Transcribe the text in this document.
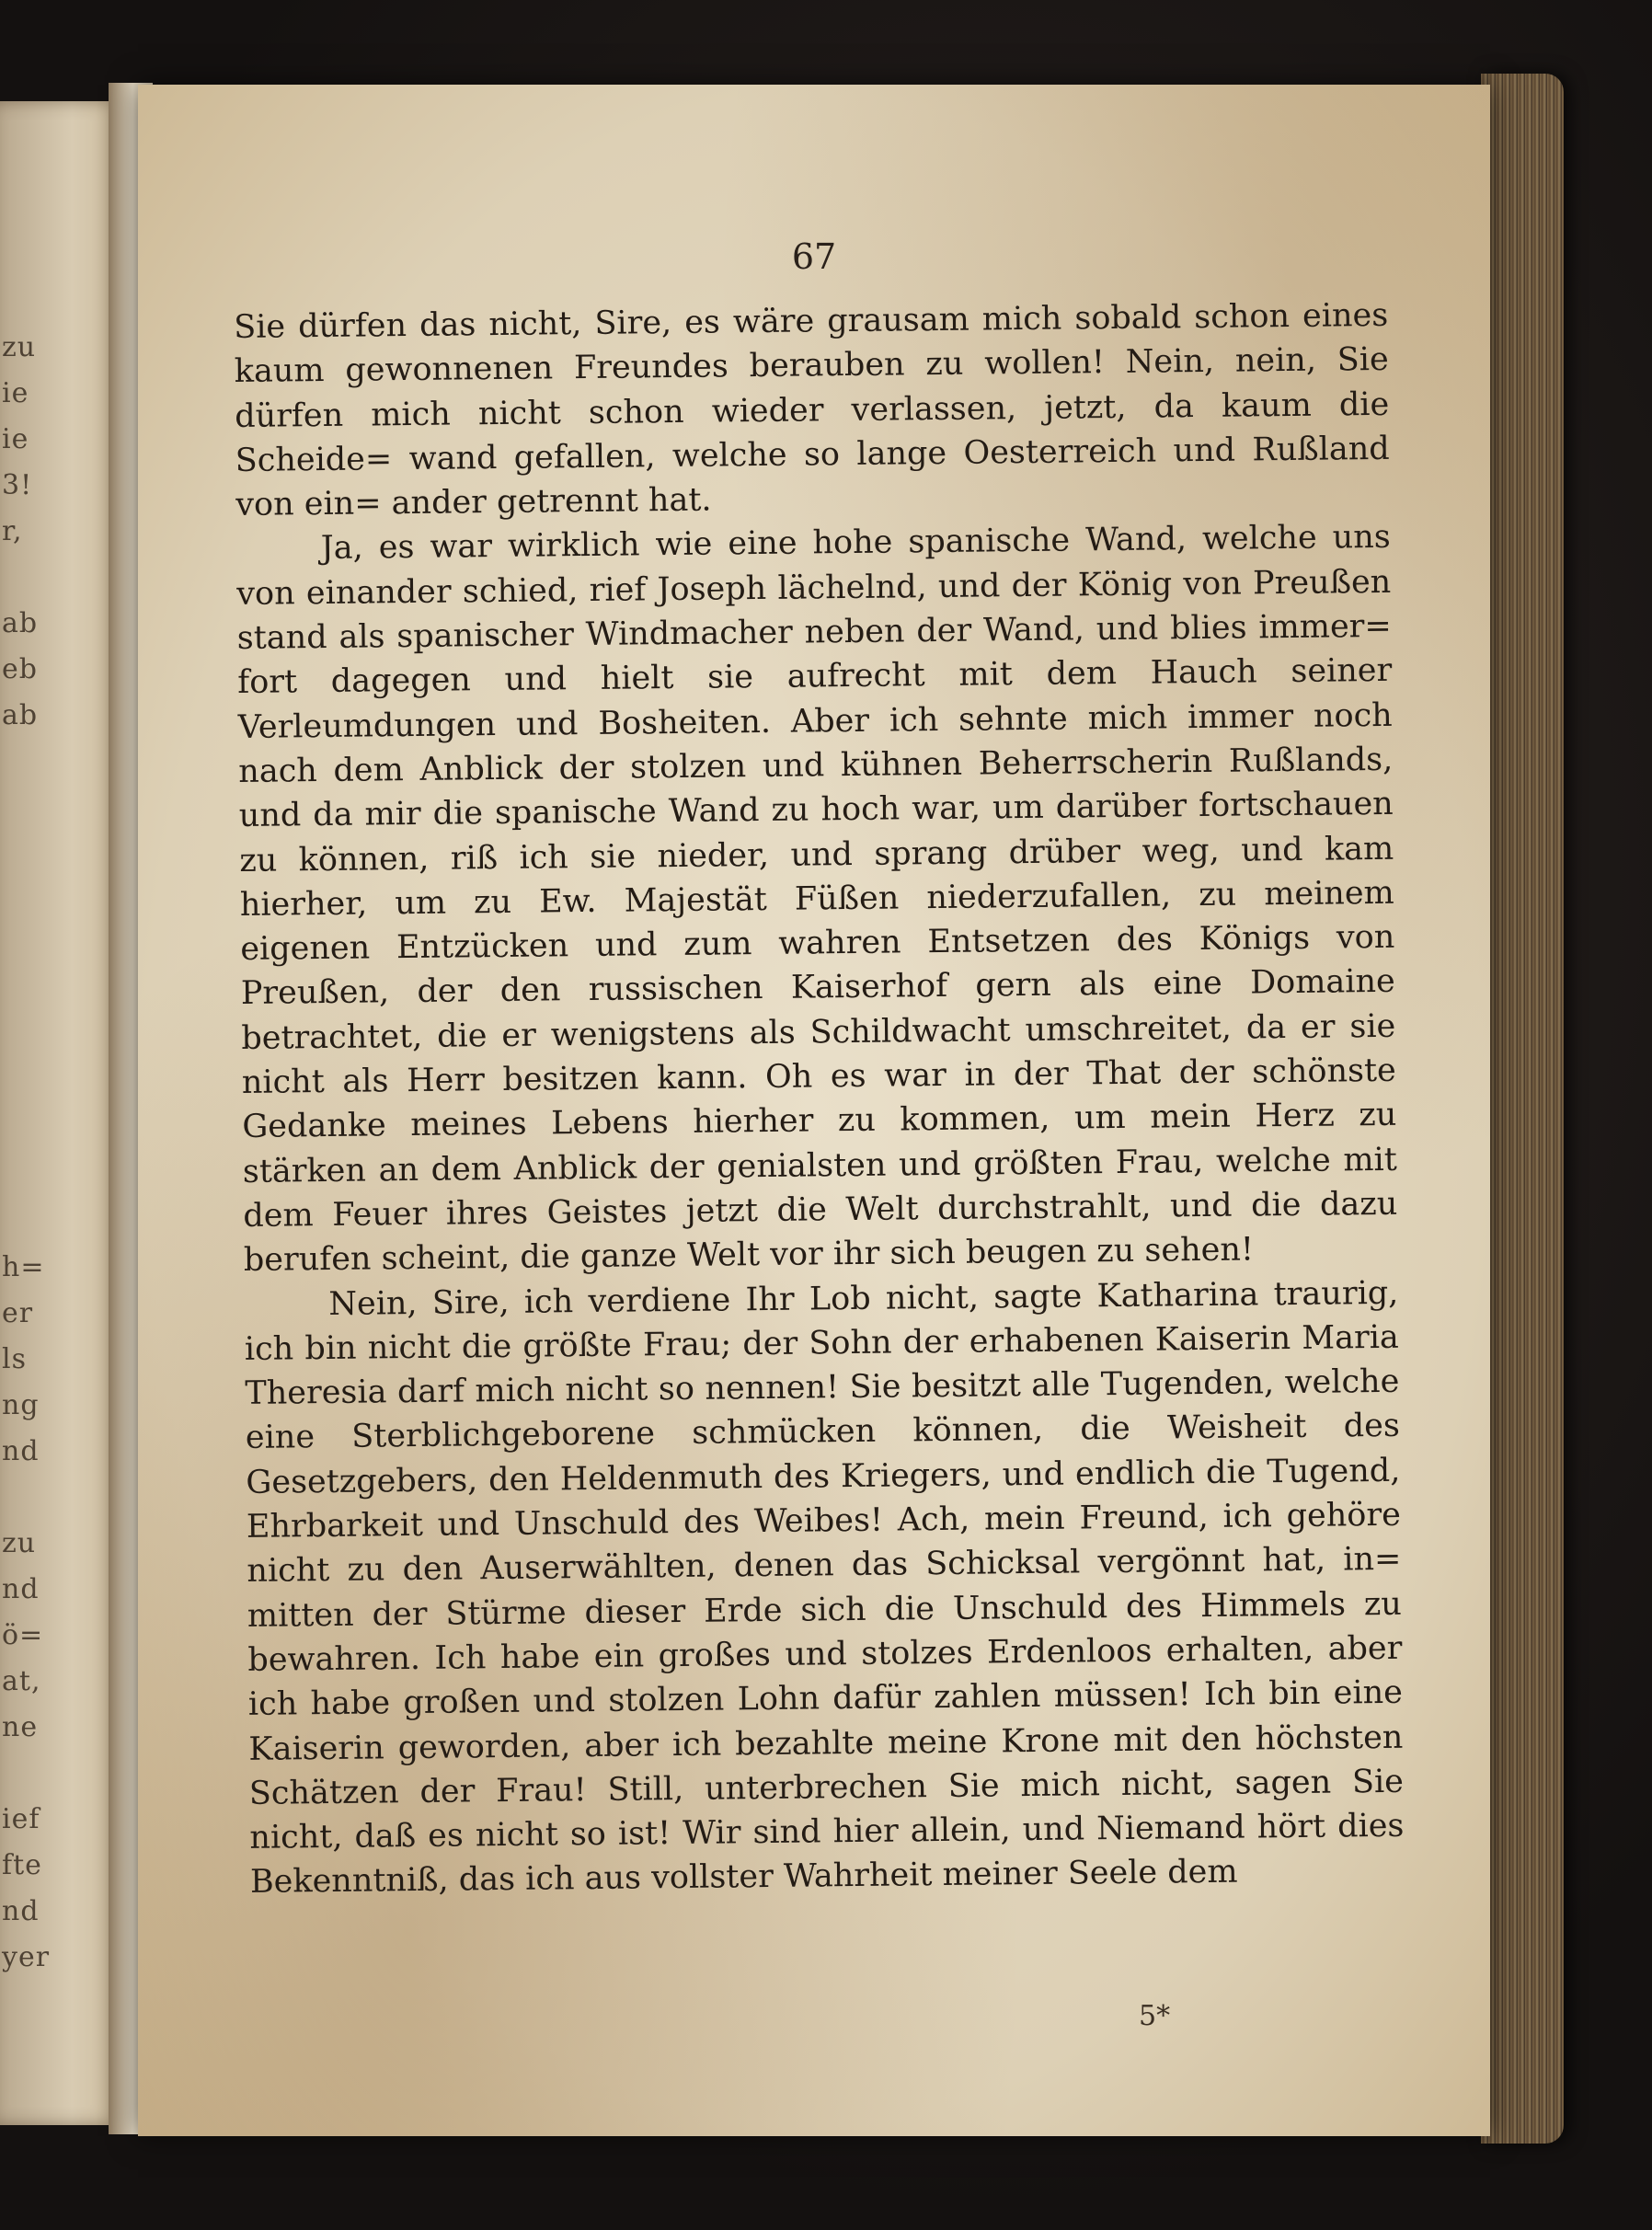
zu
ie
ie
3!
r,
ab
eb
ab
h=
er
ls
ng
nd
zu
nd
ö=
at,
ne
ief
fte
nd
yer
67

Sie dürfen das nicht, Sire, es wäre grausam mich sobald schon eines kaum gewonnenen Freundes berauben zu wollen! Nein, nein, Sie dürfen mich nicht schon wieder verlassen, jetzt, da kaum die Scheide= wand gefallen, welche so lange Oesterreich und Rußland von ein= ander getrennt hat.

Ja, es war wirklich wie eine hohe spanische Wand, welche uns von einander schied, rief Joseph lächelnd, und der König von Preußen stand als spanischer Windmacher neben der Wand, und blies immer= fort dagegen und hielt sie aufrecht mit dem Hauch seiner Verleumdungen und Bosheiten. Aber ich sehnte mich immer noch nach dem Anblick der stolzen und kühnen Beherrscherin Rußlands, und da mir die spanische Wand zu hoch war, um darüber fortschauen zu können, riß ich sie nieder, und sprang drüber weg, und kam hierher, um zu Ew. Majestät Füßen niederzufallen, zu meinem eigenen Entzücken und zum wahren Entsetzen des Königs von Preußen, der den russischen Kaiserhof gern als eine Domaine betrachtet, die er wenigstens als Schildwacht umschreitet, da er sie nicht als Herr besitzen kann. Oh es war in der That der schönste Gedanke meines Lebens hierher zu kommen, um mein Herz zu stärken an dem Anblick der genialsten und größten Frau, welche mit dem Feuer ihres Geistes jetzt die Welt durchstrahlt, und die dazu berufen scheint, die ganze Welt vor ihr sich beugen zu sehen!

Nein, Sire, ich verdiene Ihr Lob nicht, sagte Katharina traurig, ich bin nicht die größte Frau; der Sohn der erhabenen Kaiserin Maria Theresia darf mich nicht so nennen! Sie besitzt alle Tugenden, welche eine Sterblichgeborene schmücken können, die Weisheit des Gesetzgebers, den Heldenmuth des Kriegers, und endlich die Tugend, Ehrbarkeit und Unschuld des Weibes! Ach, mein Freund, ich gehöre nicht zu den Auserwählten, denen das Schicksal vergönnt hat, in= mitten der Stürme dieser Erde sich die Unschuld des Himmels zu bewahren. Ich habe ein großes und stolzes Erdenloos erhalten, aber ich habe großen und stolzen Lohn dafür zahlen müssen! Ich bin eine Kaiserin geworden, aber ich bezahlte meine Krone mit den höchsten Schätzen der Frau! Still, unterbrechen Sie mich nicht, sagen Sie nicht, daß es nicht so ist! Wir sind hier allein, und Niemand hört dies Bekenntniß, das ich aus vollster Wahrheit meiner Seele dem

5*
